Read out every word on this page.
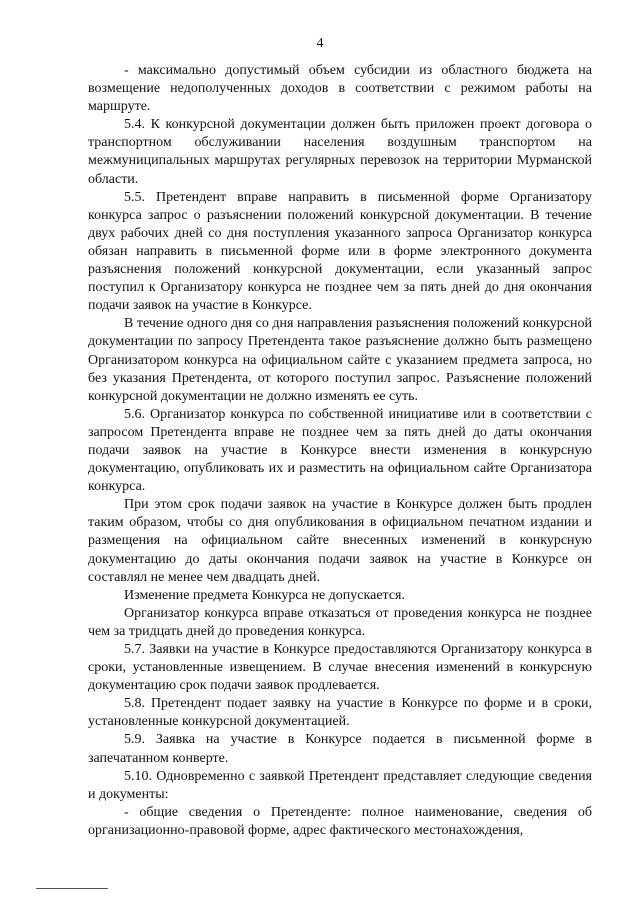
4

- максимально допустимый объем субсидии из областного бюджета на возмещение недополученных доходов в соответствии с режимом работы на маршруте.

5.4. К конкурсной документации должен быть приложен проект договора о транспортном обслуживании населения воздушным транспортом на межмуниципальных маршрутах регулярных перевозок на территории Мурманской области.

5.5. Претендент вправе направить в письменной форме Организатору конкурса запрос о разъяснении положений конкурсной документации. В течение двух рабочих дней со дня поступления указанного запроса Организатор конкурса обязан направить в письменной форме или в форме электронного документа разъяснения положений конкурсной документации, если указанный запрос поступил к Организатору конкурса не позднее чем за пять дней до дня окончания подачи заявок на участие в Конкурсе.

В течение одного дня со дня направления разъяснения положений конкурсной документации по запросу Претендента такое разъяснение должно быть размещено Организатором конкурса на официальном сайте с указанием предмета запроса, но без указания Претендента, от которого поступил запрос. Разъяснение положений конкурсной документации не должно изменять ее суть.

5.6. Организатор конкурса по собственной инициативе или в соответствии с запросом Претендента вправе не позднее чем за пять дней до даты окончания подачи заявок на участие в Конкурсе внести изменения в конкурсную документацию, опубликовать их и разместить на официальном сайте Организатора конкурса.

При этом срок подачи заявок на участие в Конкурсе должен быть продлен таким образом, чтобы со дня опубликования в официальном печатном издании и размещения на официальном сайте внесенных изменений в конкурсную документацию до даты окончания подачи заявок на участие в Конкурсе он составлял не менее чем двадцать дней.

Изменение предмета Конкурса не допускается.

Организатор конкурса вправе отказаться от проведения конкурса не позднее чем за тридцать дней до проведения конкурса.

5.7. Заявки на участие в Конкурсе предоставляются Организатору конкурса в сроки, установленные извещением. В случае внесения изменений в конкурсную документацию срок подачи заявок продлевается.

5.8. Претендент подает заявку на участие в Конкурсе по форме и в сроки, установленные конкурсной документацией.

5.9. Заявка на участие в Конкурсе подается в письменной форме в запечатанном конверте.

5.10. Одновременно с заявкой Претендент представляет следующие сведения и документы:

- общие сведения о Претенденте: полное наименование, сведения об организационно-правовой форме, адрес фактического местонахождения,
